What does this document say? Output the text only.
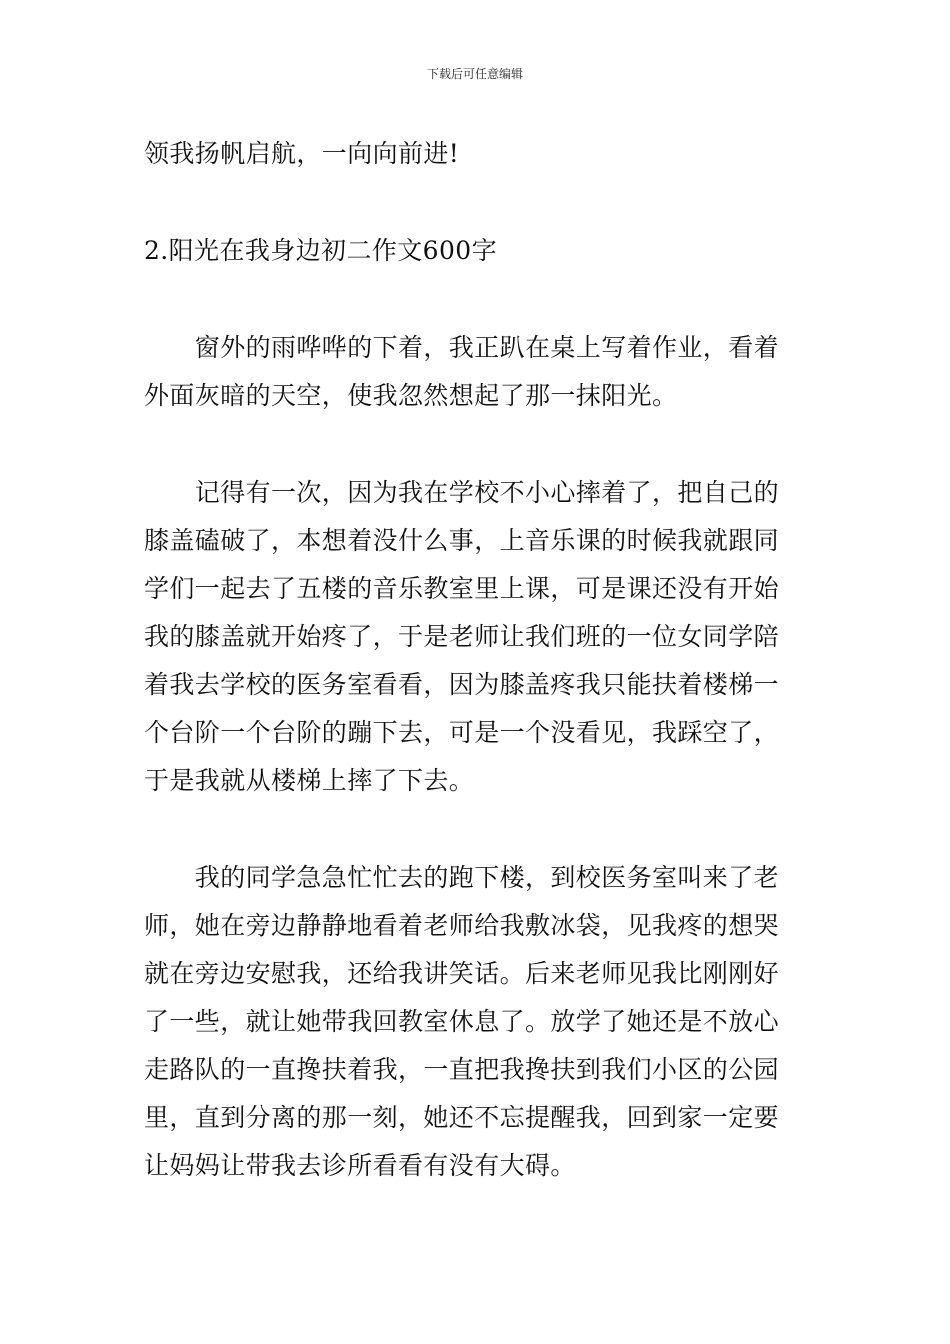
下载后可任意编辑
领我扬帆启航，一向向前进!
2.阳光在我身边初二作文600字
　　窗外的雨哗哗的下着，我正趴在桌上写着作业，看着
外面灰暗的天空，使我忽然想起了那一抹阳光。
　　记得有一次，因为我在学校不小心摔着了，把自己的
膝盖磕破了，本想着没什么事，上音乐课的时候我就跟同
学们一起去了五楼的音乐教室里上课，可是课还没有开始
我的膝盖就开始疼了，于是老师让我们班的一位女同学陪
着我去学校的医务室看看，因为膝盖疼我只能扶着楼梯一
个台阶一个台阶的蹦下去，可是一个没看见，我踩空了，
于是我就从楼梯上摔了下去。
　　我的同学急急忙忙去的跑下楼，到校医务室叫来了老
师，她在旁边静静地看着老师给我敷冰袋，见我疼的想哭
就在旁边安慰我，还给我讲笑话。后来老师见我比刚刚好
了一些，就让她带我回教室休息了。放学了她还是不放心
走路队的一直搀扶着我，一直把我搀扶到我们小区的公园
里，直到分离的那一刻，她还不忘提醒我，回到家一定要
让妈妈让带我去诊所看看有没有大碍。
